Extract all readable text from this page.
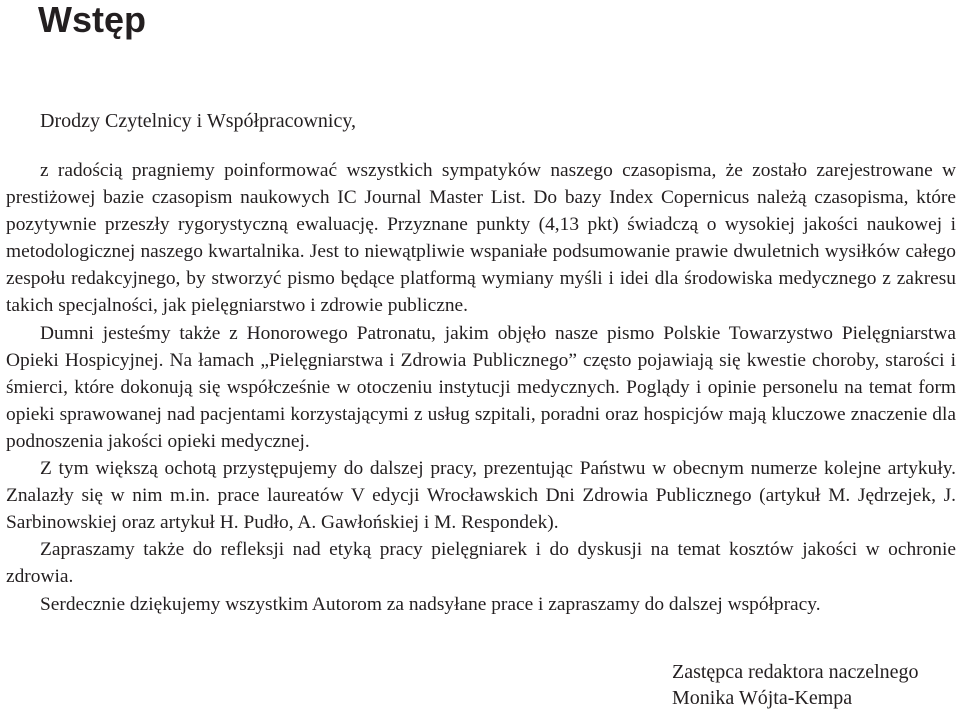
Wstęp
Drodzy Czytelnicy i Współpracownicy,

z radością pragniemy poinformować wszystkich sympatyków naszego czasopisma, że zostało zarejestrowane w prestiżowej bazie czasopism naukowych IC Journal Master List. Do bazy Index Copernicus należą czasopisma, które pozytywnie przeszły rygorystyczną ewaluację. Przyznane punkty (4,13 pkt) świadczą o wysokiej jakości naukowej i metodologicznej naszego kwartalnika. Jest to niewątpliwie wspaniałe podsumowanie prawie dwuletnich wysiłków całego zespołu redakcyjnego, by stworzyć pismo będące platformą wymiany myśli i idei dla środowiska medycznego z zakresu takich specjalności, jak pielęgniarstwo i zdrowie publiczne.

Dumni jesteśmy także z Honorowego Patronatu, jakim objęło nasze pismo Polskie Towarzystwo Pielęgniarstwa Opieki Hospicyjnej. Na łamach „Pielęgniarstwa i Zdrowia Publicznego” często pojawiają się kwestie choroby, starości i śmierci, które dokonują się współcześnie w otoczeniu instytucji medycznych. Poglądy i opinie personelu na temat form opieki sprawowanej nad pacjentami korzystającymi z usług szpitali, poradni oraz hospicjów mają kluczowe znaczenie dla podnoszenia jakości opieki medycznej.

Z tym większą ochotą przystępujemy do dalszej pracy, prezentując Państwu w obecnym numerze kolejne artykuły. Znalazły się w nim m.in. prace laureatów V edycji Wrocławskich Dni Zdrowia Publicznego (artykuł M. Jędrzejek, J. Sarbinowskiej oraz artykuł H. Pudło, A. Gawłońskiej i M. Respondek).

Zapraszamy także do refleksji nad etyką pracy pielęgniarek i do dyskusji na temat kosztów jakości w ochronie zdrowia.

Serdecznie dziękujemy wszystkim Autorom za nadsyłane prace i zapraszamy do dalszej współpracy.

Zastępca redaktora naczelnego
Monika Wójta-Kempa
